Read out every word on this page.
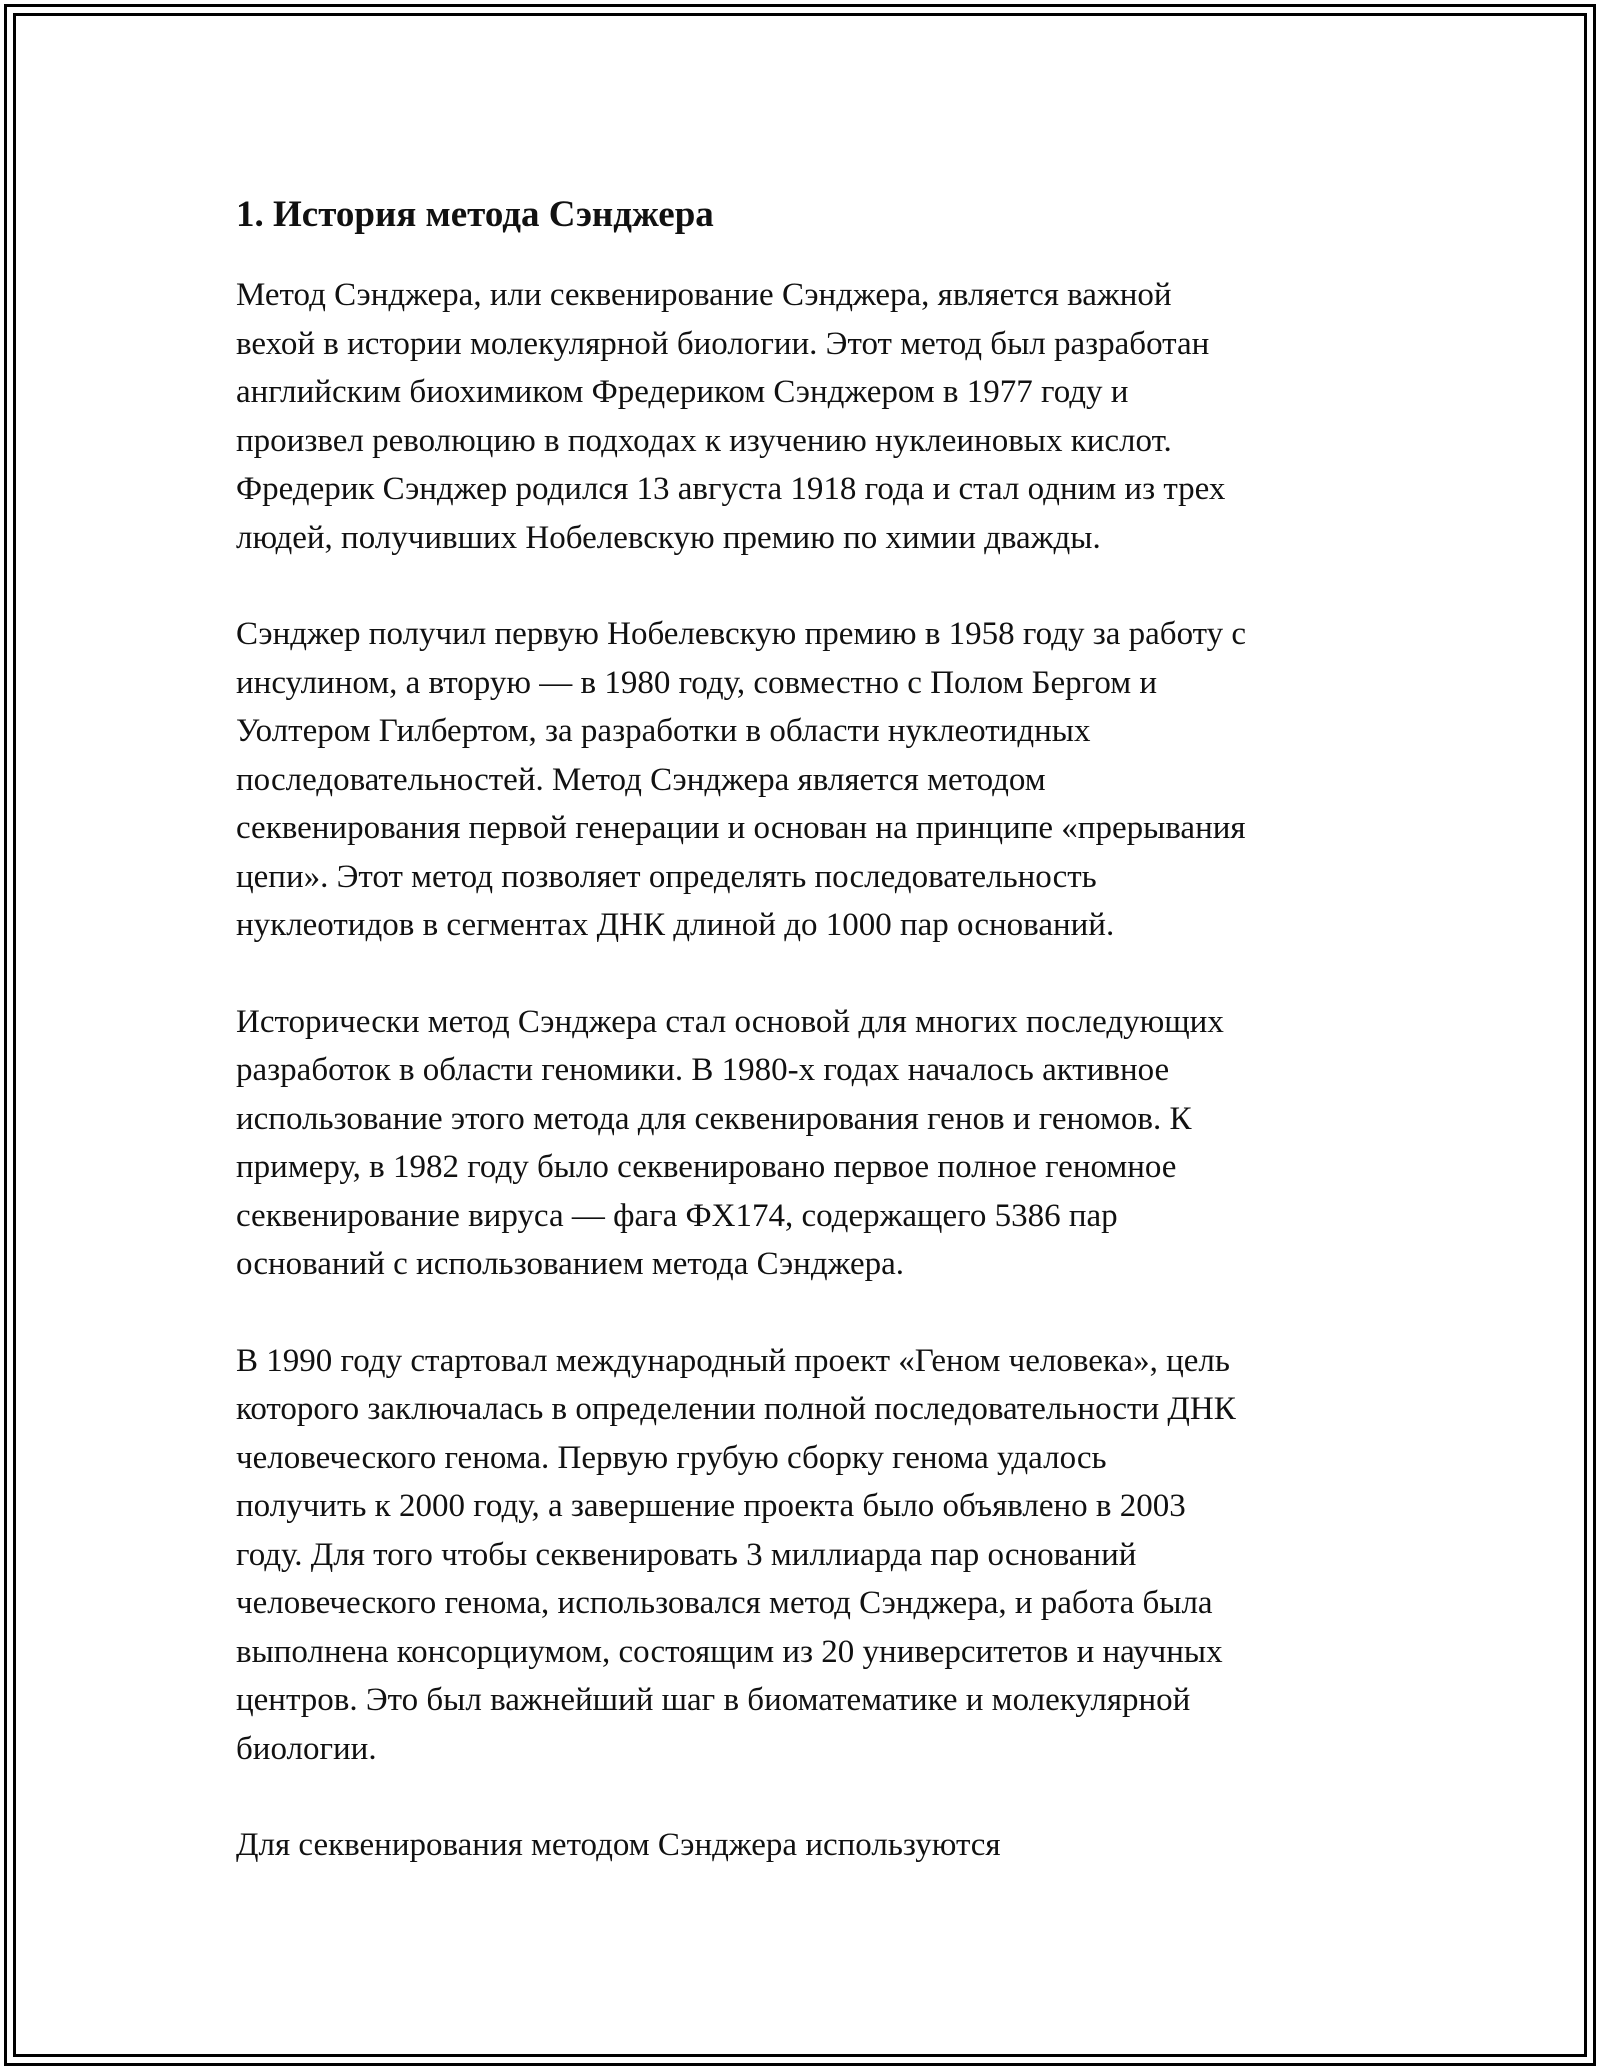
1. История метода Сэнджера

Метод Сэнджера, или секвенирование Сэнджера, является важной
вехой в истории молекулярной биологии. Этот метод был разработан
английским биохимиком Фредериком Сэнджером в 1977 году и
произвел революцию в подходах к изучению нуклеиновых кислот.
Фредерик Сэнджер родился 13 августа 1918 года и стал одним из трех
людей, получивших Нобелевскую премию по химии дважды.

Сэнджер получил первую Нобелевскую премию в 1958 году за работу с
инсулином, а вторую — в 1980 году, совместно с Полом Бергом и
Уолтером Гилбертом, за разработки в области нуклеотидных
последовательностей. Метод Сэнджера является методом
секвенирования первой генерации и основан на принципе «прерывания
цепи». Этот метод позволяет определять последовательность
нуклеотидов в сегментах ДНК длиной до 1000 пар оснований.

Исторически метод Сэнджера стал основой для многих последующих
разработок в области геномики. В 1980-х годах началось активное
использование этого метода для секвенирования генов и геномов. К
примеру, в 1982 году было секвенировано первое полное геномное
секвенирование вируса — фага ФХ174, содержащего 5386 пар
оснований с использованием метода Сэнджера.

В 1990 году стартовал международный проект «Геном человека», цель
которого заключалась в определении полной последовательности ДНК
человеческого генома. Первую грубую сборку генома удалось
получить к 2000 году, а завершение проекта было объявлено в 2003
году. Для того чтобы секвенировать 3 миллиарда пар оснований
человеческого генома, использовался метод Сэнджера, и работа была
выполнена консорциумом, состоящим из 20 университетов и научных
центров. Это был важнейший шаг в биоматематике и молекулярной
биологии.

Для секвенирования методом Сэнджера используются
